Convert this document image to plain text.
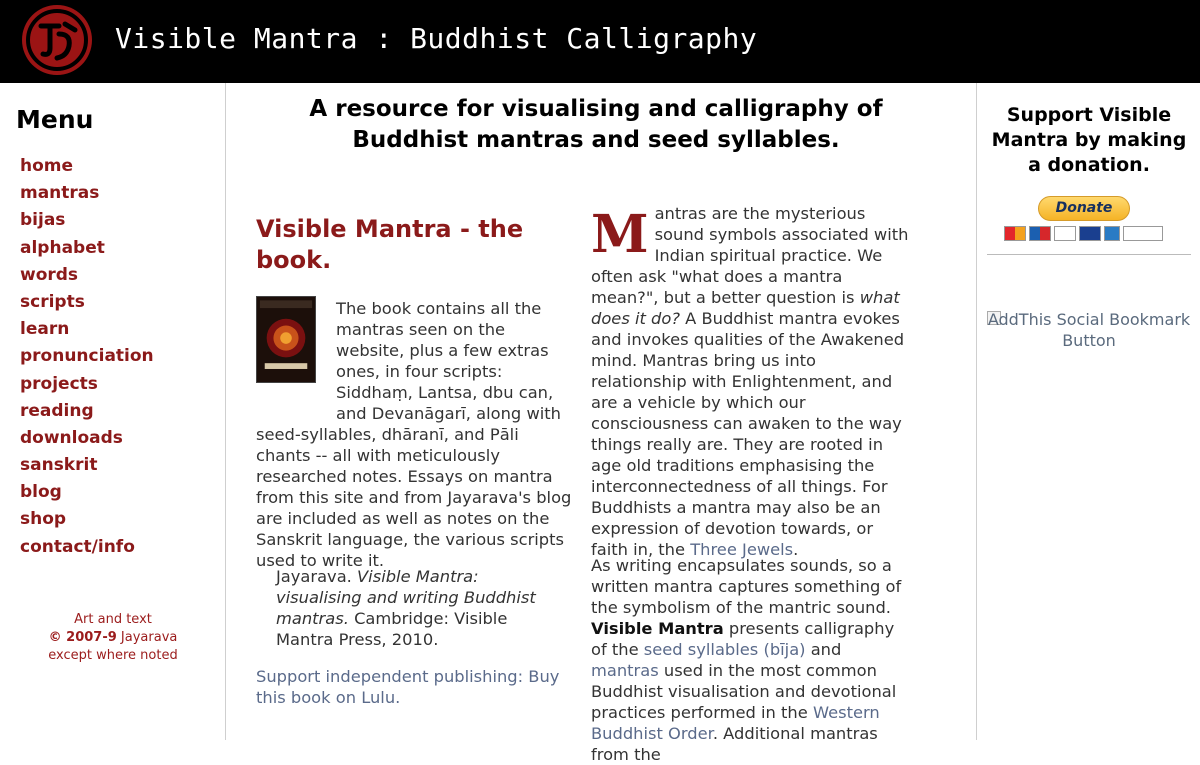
Visible Mantra : Buddhist Calligraphy
Menu
home
mantras
bijas
alphabet
words
scripts
learn
pronunciation
projects
reading
downloads
sanskrit
blog
shop
contact/info
Art and text
© 2007-9 Jayarava
except where noted
A resource for visualising and calligraphy of Buddhist mantras and seed syllables.
Visible Mantra - the book.
The book contains all the mantras seen on the website, plus a few extras ones, in four scripts: Siddhaṃ, Lantsa, dbu can, and Devanāgarī, along with seed-syllables, dhāranī, and Pāli chants -- all with meticulously researched notes. Essays on mantra from this site and from Jayarava's blog are included as well as notes on the Sanskrit language, the various scripts used to write it.
Jayarava. Visible Mantra: visualising and writing Buddhist mantras. Cambridge: Visible Mantra Press, 2010.
Support independent publishing: Buy this book on Lulu.
Mantras are the mysterious sound symbols associated with Indian spiritual practice. We often ask "what does a mantra mean?", but a better question is what does it do? A Buddhist mantra evokes and invokes qualities of the Awakened mind. Mantras bring us into relationship with Enlightenment, and are a vehicle by which our consciousness can awaken to the way things really are. They are rooted in age old traditions emphasising the interconnectedness of all things. For Buddhists a mantra may also be an expression of devotion towards, or faith in, the Three Jewels.
As writing encapsulates sounds, so a written mantra captures something of the symbolism of the mantric sound. Visible Mantra presents calligraphy of the seed syllables (bīja) and mantras used in the most common Buddhist visualisation and devotional practices performed in the Western Buddhist Order. Additional mantras from the
Support Visible Mantra by making a donation.
Donate
AddThis Social Bookmark Button
